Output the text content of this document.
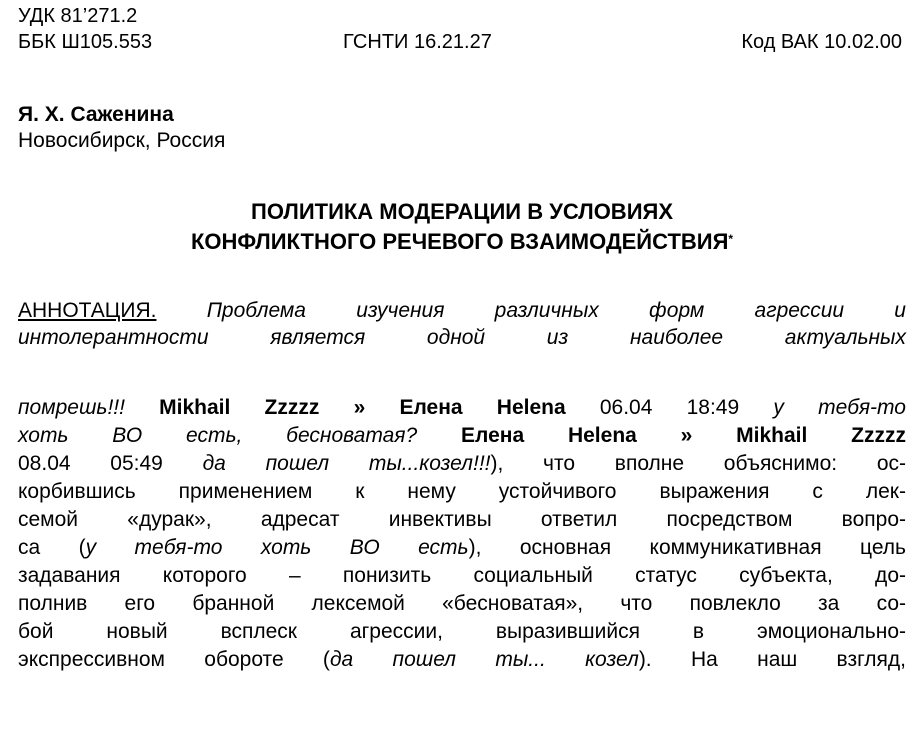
УДК 81’271.2
ББК Ш105.553	ГСНТИ 16.21.27	Код ВАК 10.02.00
Я. Х. Саженина
Новосибирск, Россия
ПОЛИТИКА МОДЕРАЦИИ В УСЛОВИЯХ
КОНФЛИКТНОГО РЕЧЕВОГО ВЗАИМОДЕЙСТВИЯ*
АННОТАЦИЯ. Проблема изучения различных форм агрессии и
интолерантности является одной из наиболее актуальных
помрешь!!! Mikhail Zzzzz » Елена Helena 06.04 18:49 у тебя-то
хоть ВО есть, бесноватая? Елена Helena » Mikhail Zzzzz
08.04 05:49 да пошел ты...козел!!!), что вполне объяснимо: ос-
корбившись применением к нему устойчивого выражения с лек-
семой «дурак», адресат инвективы ответил посредством вопро-
са (у тебя-то хоть ВО есть), основная коммуникативная цель
задавания которого – понизить социальный статус субъекта, до-
полнив его бранной лексемой «бесноватая», что повлекло за со-
бой новый всплеск агрессии, выразившийся в эмоционально-
экспрессивном обороте (да пошел ты... козел). На наш взгляд,
